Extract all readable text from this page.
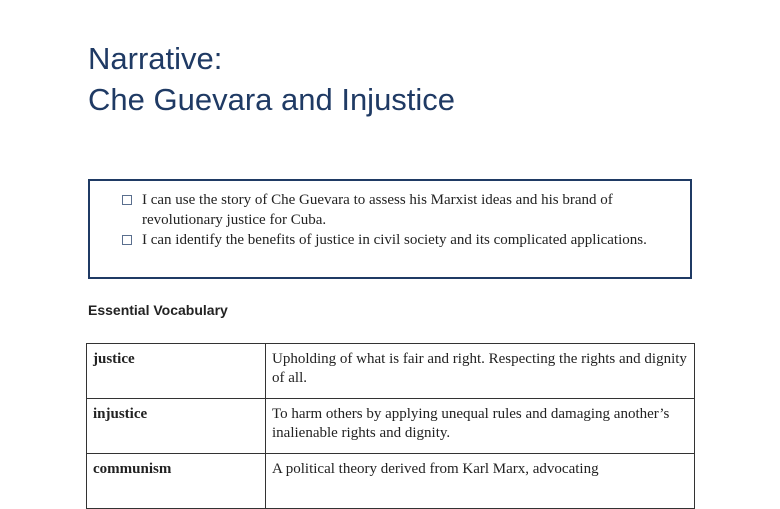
Narrative:
Che Guevara and Injustice

I can use the story of Che Guevara to assess his Marxist ideas and his brand of revolutionary justice for Cuba.

I can identify the benefits of justice in civil society and its complicated applications.

Essential Vocabulary
justice	Upholding of what is fair and right. Respecting the rights and dignity of all.
injustice	To harm others by applying unequal rules and damaging another’s inalienable rights and dignity.
communism	A political theory derived from Karl Marx, advocating
